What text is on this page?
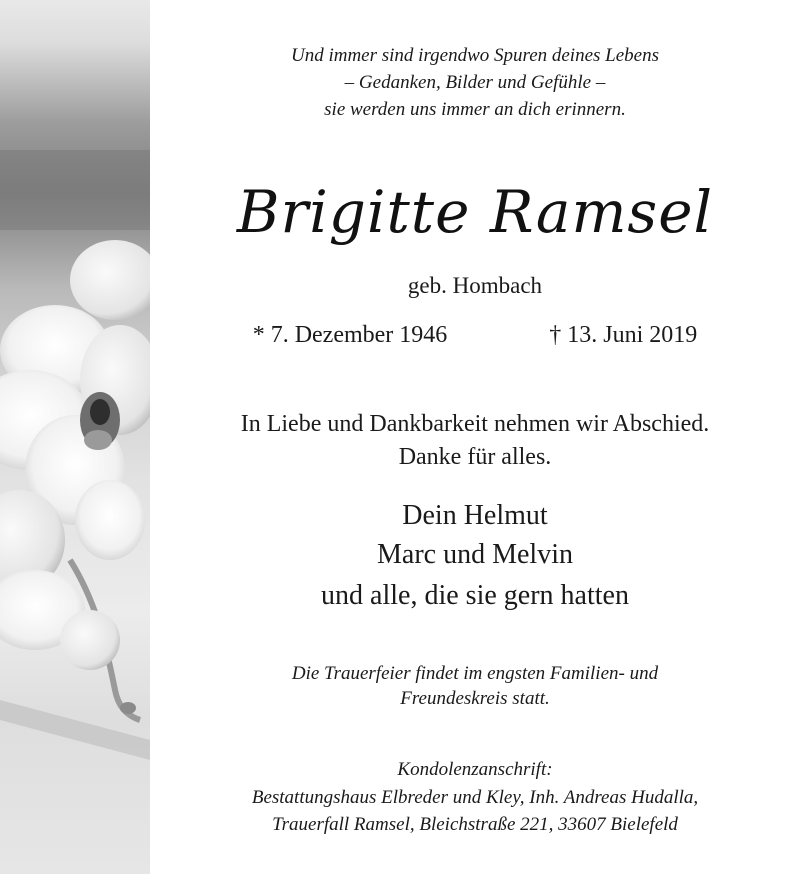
Und immer sind irgendwo Spuren deines Lebens
– Gedanken, Bilder und Gefühle –
sie werden uns immer an dich erinnern.
Brigitte Ramsel
geb. Hombach
* 7. Dezember 1946	† 13. Juni 2019
In Liebe und Dankbarkeit nehmen wir Abschied.
Danke für alles.
Dein Helmut
Marc und Melvin
und alle, die sie gern hatten
Die Trauerfeier findet im engsten Familien- und
Freundeskreis statt.
Kondolenzanschrift:
Bestattungshaus Elbreder und Kley, Inh. Andreas Hudalla,
Trauerfall Ramsel, Bleichstraße 221, 33607 Bielefeld
